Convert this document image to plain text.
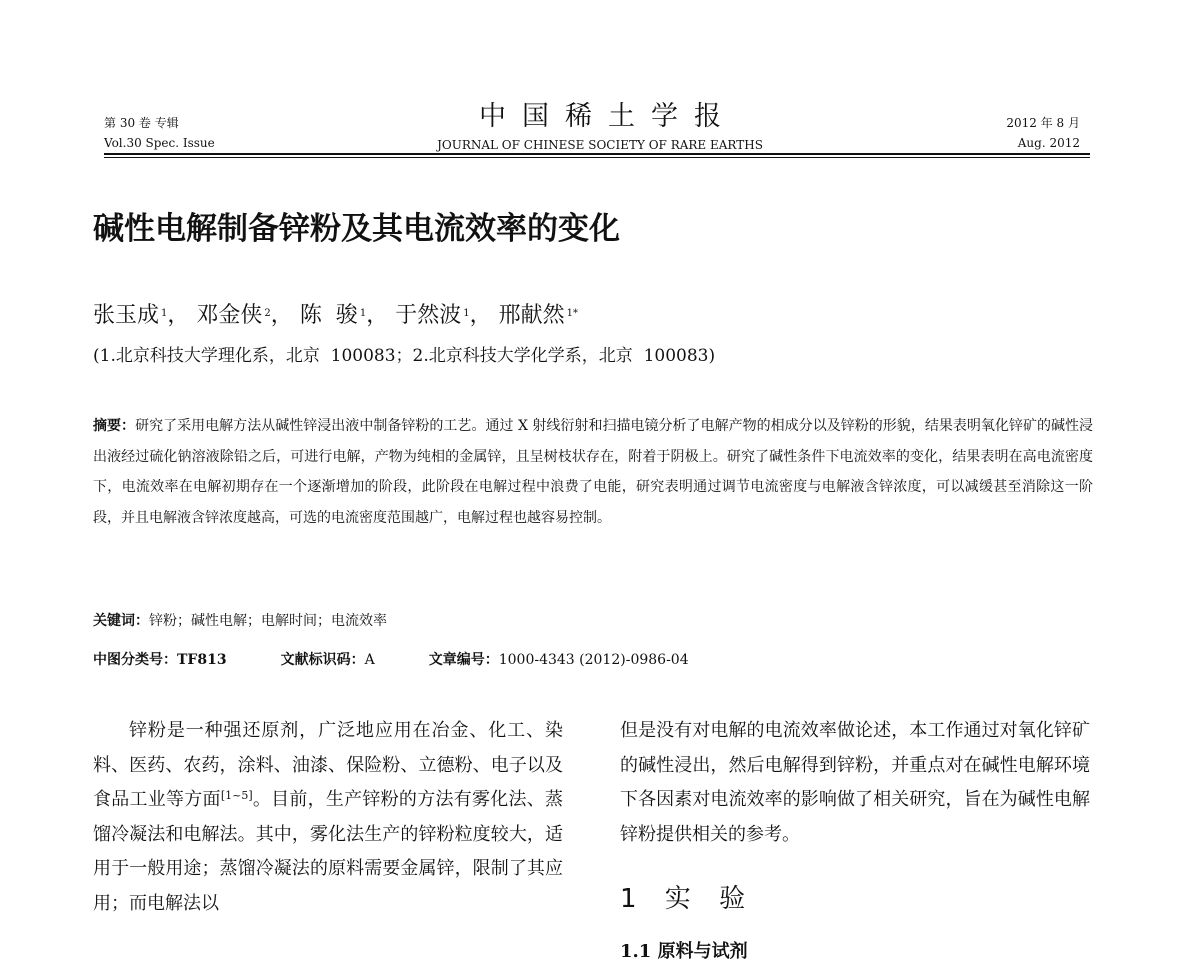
第 30 卷 专辑
Vol.30 Spec. Issue
中国稀土学报
JOURNAL OF CHINESE SOCIETY OF RARE EARTHS
2012 年 8 月
Aug. 2012
碱性电解制备锌粉及其电流效率的变化
张玉成 $^1$， 邓金侠 $^2$， 陈  骏 $^1$， 于然波 $^1$， 邢献然 $^{1*}$
(1.北京科技大学理化系，北京  100083；2.北京科技大学化学系，北京  100083)
摘要：研究了采用电解方法从碱性锌浸出液中制备锌粉的工艺。通过 X 射线衍射和扫描电镜分析了电解产物的相成分以及锌粉的形貌，结果表明氧化锌矿的碱性浸出液经过硫化钠溶液除铅之后，可进行电解，产物为纯相的金属锌，且呈树枝状存在，附着于阴极上。研究了碱性条件下电流效率的变化，结果表明在高电流密度下，电流效率在电解初期存在一个逐渐增加的阶段，此阶段在电解过程中浪费了电能，研究表明通过调节电流密度与电解液含锌浓度，可以减缓甚至消除这一阶段，并且电解液含锌浓度越高，可选的电流密度范围越广，电解过程也越容易控制。
关键词：锌粉；碱性电解；电解时间；电流效率
中图分类号：TF813	文献标识码：A	文章编号：1000-4343 (2012)-0986-04

锌粉是一种强还原剂，广泛地应用在冶金、化工、染料、医药、农药，涂料、油漆、保险粉、立德粉、电子以及食品工业等方面[1~5]。目前，生产锌粉的方法有雾化法、蒸馏冷凝法和电解法。其中，雾化法生产的锌粉粒度较大，适用于一般用途；蒸馏冷凝法的原料需要金属锌，限制了其应用；而电解法以

但是没有对电解的电流效率做论述，本工作通过对氧化锌矿的碱性浸出，然后电解得到锌粉，并重点对在碱性电解环境下各因素对电流效率的影响做了相关研究，旨在为碱性电解锌粉提供相关的参考。

1 实 验
1.1 原料与试剂
